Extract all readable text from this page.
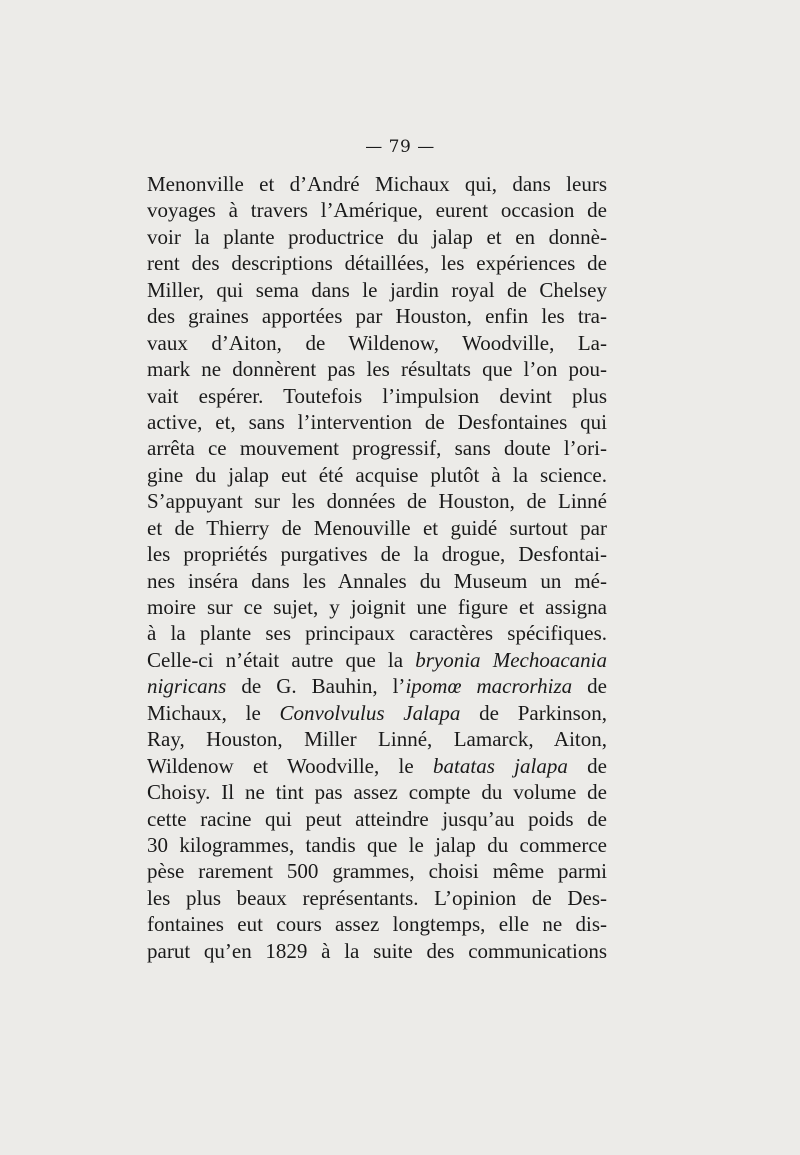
— 79 —
Menonville et d’André Michaux qui, dans leurs
voyages à travers l’Amérique, eurent occasion de
voir la plante productrice du jalap et en donnè-
rent des descriptions détaillées, les expériences de
Miller, qui sema dans le jardin royal de Chelsey
des graines apportées par Houston, enfin les tra-
vaux d’Aiton, de Wildenow, Woodville, La-
mark ne donnèrent pas les résultats que l’on pou-
vait espérer. Toutefois l’impulsion devint plus
active, et, sans l’intervention de Desfontaines qui
arrêta ce mouvement progressif, sans doute l’ori-
gine du jalap eut été acquise plutôt à la science.
S’appuyant sur les données de Houston, de Linné
et de Thierry de Menouville et guidé surtout par
les propriétés purgatives de la drogue, Desfontai-
nes inséra dans les Annales du Museum un mé-
moire sur ce sujet, y joignit une figure et assigna
à la plante ses principaux caractères spécifiques.
Celle-ci n’était autre que la bryonia Mechoacania
nigricans de G. Bauhin, l’ipomœ macrorhiza de
Michaux, le Convolvulus Jalapa de Parkinson,
Ray, Houston, Miller Linné, Lamarck, Aiton,
Wildenow et Woodville, le batatas jalapa de
Choisy. Il ne tint pas assez compte du volume de
cette racine qui peut atteindre jusqu’au poids de
30 kilogrammes, tandis que le jalap du commerce
pèse rarement 500 grammes, choisi même parmi
les plus beaux représentants. L’opinion de Des-
fontaines eut cours assez longtemps, elle ne dis-
parut qu’en 1829 à la suite des communications
